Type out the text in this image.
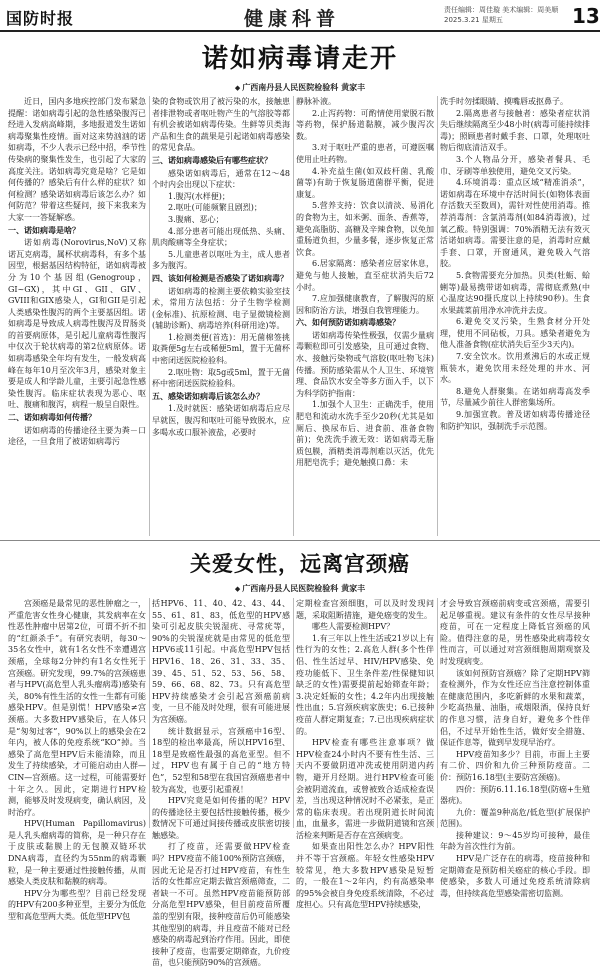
国防时报	健康科普	责任编辑：周佳璇 美术编辑：周美顺
2025.3.21 星期五	13
诺如病毒请走开
◆ 广西南丹县人民医院检验科 黄家丰

近日，国内多地疾控部门发布紧急提醒：诺如病毒引起的急性感染腹泻已经进入发病高峰期，多地报道发生诺如病毒聚集性疫情。面对这来势汹汹的诺如病毒，不少人表示已经中招，季节性传染病的聚集性发生，也引起了大家的高度关注。诺如病毒究竟是啥？它是如何传播的？感染后有什么样的症状？如何检测？感染诺如病毒后该怎么办？如何防范？带着这些疑问，接下来我来为大家一一答疑解惑。

一、诺如病毒是啥？

诺如病毒(Norovirus,NoV)又称诺瓦克病毒，属杯状病毒科，有多个基因型，根据基因结构特征，诺如病毒被分为10个基因组(Genogroup，GI~GX)，其中GI、GII、GIV、GVIII和GIX感染人，GI和GII是引起人类感染性腹泻的两个主要基因组。诺如病毒是导致成人病毒性腹泻及胃肠炎的首要病原体，是引起儿童病毒性腹泻中仅次于轮状病毒的第2位病原体。诺如病毒感染全年均有发生，一般发病高峰在每年10月至次年3月，感染对象主要是成人和学龄儿童，主要引起急性感染性腹泻。临床症状表现为恶心、呕吐、腹痛和腹泻，病程一般呈自限性。

二、诺如病毒如何传播？

诺如病毒的传播途径主要为粪－口途径，一旦食用了被诺如病毒污

染的食物或饮用了被污染的水，接触患者排泄物或者呕吐物产生的气溶胶等都有机会被诺如病毒传染。生鲜等贝类海产品和生食的蔬果是引起诺如病毒感染的常见食品。

三、诺如病毒感染后有哪些症状？

感染诺如病毒后，通常在12～48个时内会出现以下症状：

1.腹泻(水样便)；

2.呕吐(可能频繁且剧烈)；

3.腹痛、恶心；

4.部分患者可能出现低热、头痛、肌肉酸痛等全身症状；

5.儿童患者以呕吐为主，成人患者多为腹泻。

四、该如何检测是否感染了诺如病毒？

诺如病毒的检测主要依赖实验室技术，常用方法包括：分子生物学检测(金标准)、抗原检测、电子显微镜检测(辅助诊断)、病毒培养(科研用途)等。

1.检测类便(首选)：用无菌棉签挑取粪便5g左右或稀便5ml，置于无菌杯中密闭送医院检验科。

2.呕吐物：取5g或5ml，置于无菌杯中密闭送医院检验科。

五、感染诺如病毒后该怎么办？

1.及时就医：感染诺如病毒后应尽早就医，腹泻和呕吐可能导致脱水，应多喝水或口服补液盐，必要时

静脉补液。

2.止泻药物：可酌情使用蒙脱石散等药物，保护肠道黏膜，减少腹泻次数。

3.对于呕吐严重的患者，可遵医嘱使用止吐药物。

4.补充益生菌(如双歧杆菌、乳酸菌等)有助于恢复肠道菌群平衡，促进康复。

5.营养支持：饮食以清淡、易消化的食物为主，如米粥、面条、香蕉等，避免高脂肪、高糖及辛辣食物，以免加重肠道负担，少量多餐，逐步恢复正常饮食。

6.居家隔离：感染者应居家休息，避免与他人接触，直至症状消失后72小时。

7.应加强健康教育，了解腹泻的原因和防治方法，增强自我管理能力。

六、如何预防诺如病毒感染？

诺如病毒传染性极强，仅需少量病毒颗粒即可引发感染，且可通过食物、水、接触污染物或气溶胶(呕吐物飞沫)传播。预防感染需从个人卫生、环境管理、食品饮水安全等多方面入手，以下为科学防护指南：

1.加强个人卫生：正确洗手，使用肥皂和流动水洗手至少20秒(尤其是如厕后、换尿布后、进食前、准备食物前)；免洗洗手液无效：诺如病毒无脂质包膜，酒精类消毒剂难以灭活，优先用肥皂洗手；避免触摸口鼻：未

洗手时勿揉眼睛、摸嘴唇或抠鼻子。

2.隔离患者与接触者：感染者症状消失后继续隔离至少48小时(病毒可能持续排毒)；照顾患者时戴手套、口罩，处理呕吐物后彻底清洁双手。

3.个人物品分开，感染者餐具、毛巾、牙刷等单独使用，避免交叉污染。

4.环境消毒：重点区域“精准消杀”，诺如病毒在环境中存活时间长(如物体表面存活数天至数周)，需针对性使用消毒。推荐消毒剂：含氯消毒剂(如84消毒液)，过氧乙酸。特别强调：70%酒精无法有效灭活诺如病毒。需要注意的是，消毒时应戴手套、口罩，开窗通风，避免吸入气溶胶。

5.食物需要充分加热。贝类(牡蛎、蛤蜊等)最易携带诺如病毒，需彻底煮熟(中心温度达90摄氏度以上持续90秒)。生食水果蔬菜前用净水冲洗并去皮。

6.避免交叉污染，生熟食材分开处理，使用不同砧板，刀具。感染者避免为他人准备食物(症状消失后至少3天内)。

7.安全饮水。饮用煮沸后的水或正规瓶装水，避免饮用未经处理的井水、河水。

8.避免人群聚集。在诺如病毒高发季节，尽量减少前往人群密集场所。

9.加强宣教。普及诺如病毒传播途径和防护知识，强制洗手示范图。

关爱女性，远离宫颈癌
◆ 广西南丹县人民医院检验科 黄家丰

宫颈癌是最常见的恶性肿瘤之一，严重危害女性身心健康，其发病率在女性恶性肿瘤中居第2位，可谓不折不扣的“红颜杀手”。有研究表明，每30～35名女性中，就有1名女性不幸遭遇宫颈癌，全球每2分钟约有1名女性死于宫颈癌。研究发现，99.7%的宫颈癌患者与HPV(高危型人乳头瘤病毒)感染有关，80%有性生活的女性一生都有可能感染HPV。但是别慌！HPV感染≠宫颈癌。大多数HPV感染后，在人体只是“匆匆过客”，90%以上的感染会在2年内，被人体的免疫系统“KO”掉。当感染了高危型HPV后未能清除，而且发生了持续感染，才可能启动由人群—CIN—宫颈癌。这一过程，可能需要好十年之久。因此，定期进行HPV检测，能够及时发现病变，确认病因，及时治疗。

HPV(Human Papillomavirus)是人乳头瘤病毒的简称，是一种只存在于皮肤或黏膜上的无包膜双链环状DNA病毒，直径约为55nm的病毒颗粒，是一种主要通过性接触传播，从而感染人类皮肤和黏膜的病毒。

HPV分为哪些型？目前已经发现的HPV有200多种亚型，主要分为低危型和高危型两大类。低危型HPV包

括HPV6、11、40、42、43、44、55、61、81、83，低危型的HPV感染可引起皮肤尖锐湿疣、寻常疣等，90%的尖锐湿疣就是由常见的低危型HPV6或11引起。中高危型HPV包括HPV16、18、26、31、33、35、39、45、51、52、53、56、58、59、66、68、82、73。只有高危型HPV持续感染才会引起宫颈癌前病变，一旦不能及时处理，很有可能进展为宫颈癌。

统计数据显示，宫颈癌中16型、18型的检出率最高，所以HPV16型、18型是致癌性最强的高危亚型。但不过，HPV也有属于自己的“地方特色”，52型和58型在我国宫颈癌患者中较为高发，也要引起重视！

HPV究竟是如何传播的呢？HPV的传播途径主要包括性接触传播，极少数情况下可通过间接传播或皮肤密切接触感染。

打了疫苗，还需要做HPV检查吗？HPV疫苗不能100%预防宫颈癌，因此无论是否打过HPV疫苗，有性生活的女性都应定期去做宫颈癌筛查，二者缺一不可。虽然HPV疫苗能预防部分高危型HPV感染，但目前疫苗所覆盖的型别有限，接种疫苗后仍可能感染其他型别的病毒，并且疫苗不能对已经感染的病毒起到治疗作用。因此，即使接种了疫苗，也需要定期筛查，九价疫苗，也只能预防90%的宫颈癌。

定期检查宫颈细胞，可以及时发现问题，采取阻断措施，避免癌变的发生。

哪些人需要检测HPV？

1.有三年以上性生活或21岁以上有性行为的女性；2.高危人群(多个性伴侣、性生活过早、HIV/HPV感染、免疫功能低下、卫生条件差/性保健知识缺乏的女性)需要提前起始筛查年龄；3.决定妊娠的女性；4.2年内出现接触性出血；5.宫颈疾病家族史；6.已接种疫苗人群定期复查；7.已出现疾病症状的。

HPV检查有哪些注意事项？做HPV检查24小时内不要有性生活、三天内不要做阴道冲洗或使用阴道内药物，避开月经期。进行HPV检查可能会被阴道流血，或曾被致合适成检查误差，当出现这种情况时不必紧张，是正常的临床表现。若出现阴道长时间流血，血量多，需进一步做阴道镜和宫颈活检来判断是否存在宫颈病变。

如果查出阳性怎么办？HPV阳性并不等于宫颈癌。年轻女性感染HPV较常见，绝大多数HPV感染是短暂的，一般在1～2年内，约有高感染率的95%会被自身免疫系统清除，不必过度担心。只有高危型HPV持续感染，

才会导致宫颈癌前病变或宫颈癌，需要引起足够重视。建议有条件的女性尽早接种疫苗，可在一定程度上降低宫颈癌的风险。值得注意的是，男性感染此病毒较女性而言，可以通过对宫颈细胞周期观察及时发现病变。

该如何预防宫颈癌？除了定期HPV筛查检测外，作为女性还应当注意控制体重在健康范围内，多吃新鲜的水果和蔬菜，少吃高热量、油脂，戒烟限酒，保持良好的作息习惯，洁身自好，避免多个性伴侣，不过早开始性生活，做好安全措施、保证作息等，做到早发现早治疗。

HPV疫苗知多少？目前，市面上主要有二价、四价和九价三种预防疫苗。二价：预防16.18型(主要防宫颈癌)。

四价：预防6.11.16.18型(防癌+生殖器疣)。

九价：覆盖9种高危/低危型(扩展保护范围)。

接种建议：9～45岁均可接种，最佳年龄为首次性行为前。

HPV是广泛存在的病毒，疫苗接种和定期筛查是预防相关癌症的核心手段。即使感染，多数人可通过免疫系统清除病毒，但持续高危型感染需密切监测。
